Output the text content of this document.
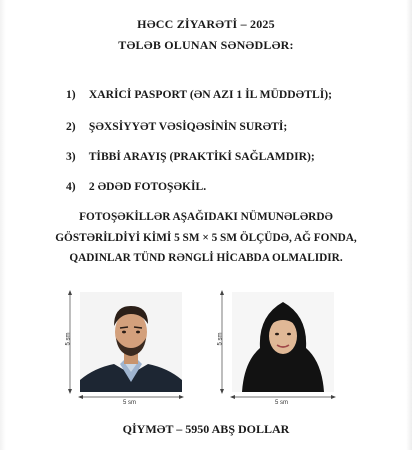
HƏCC ZİYARƏTİ – 2025
TƏLƏB OLUNAN SƏNƏDLƏR:
1) XARİCİ PASPORT (ƏN AZI 1 İL MÜDDƏTLİ);
2) ŞƏXSİYYƏT VƏSİQƏSİNİN SURƏTİ;
3) TİBBİ ARAYIŞ (PRAKTİKİ SAĞLAMDIR);
4) 2 ƏDƏD FOTOŞƏKİL.
FOTOŞƏKİLLƏR AŞAĞIDAKI NÜMUNƏLƏRDƏ
GÖSTƏRİLDİYİ KİMİ 5 SM × 5 SM ÖLÇÜDƏ, AĞ FONDA,
QADINLAR TÜND RƏNGLİ HİCABDA OLMALIDIR.
5 sm
5 sm
5 sm
5 sm
QİYMƏT – 5950 ABŞ DOLLAR
